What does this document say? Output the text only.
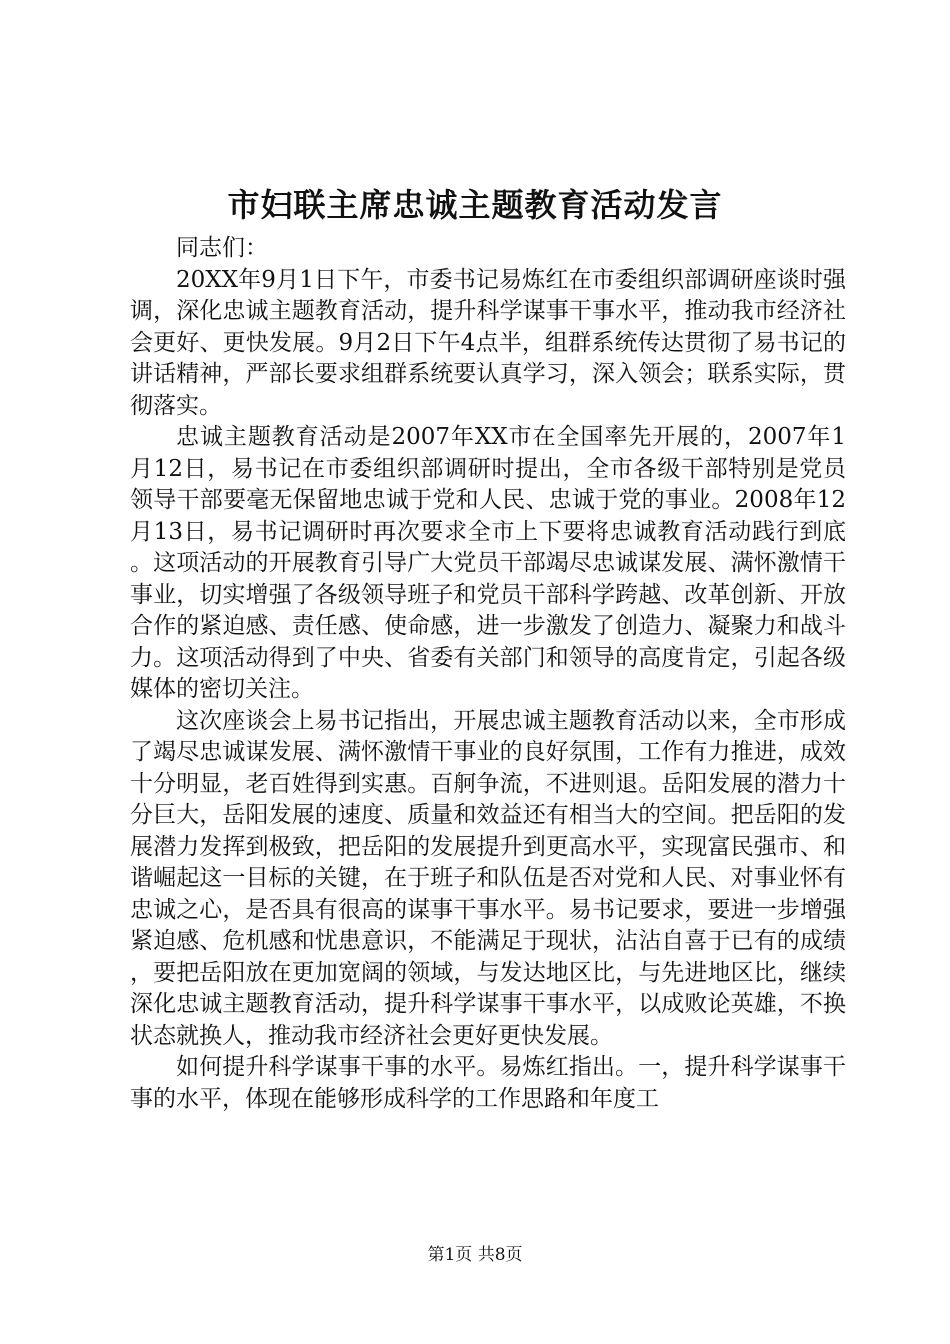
市妇联主席忠诚主题教育活动发言

同志们：

20XX年9月1日下午，市委书记易炼红在市委组织部调研座谈时强调，深化忠诚主题教育活动，提升科学谋事干事水平，推动我市经济社会更好、更快发展。9月2日下午4点半，组群系统传达贯彻了易书记的讲话精神，严部长要求组群系统要认真学习，深入领会；联系实际，贯彻落实。

忠诚主题教育活动是2007年XX市在全国率先开展的，2007年1月12日，易书记在市委组织部调研时提出，全市各级干部特别是党员领导干部要毫无保留地忠诚于党和人民、忠诚于党的事业。2008年12月13日，易书记调研时再次要求全市上下要将忠诚教育活动践行到底。这项活动的开展教育引导广大党员干部竭尽忠诚谋发展、满怀激情干事业，切实增强了各级领导班子和党员干部科学跨越、改革创新、开放合作的紧迫感、责任感、使命感，进一步激发了创造力、凝聚力和战斗力。这项活动得到了中央、省委有关部门和领导的高度肯定，引起各级媒体的密切关注。

这次座谈会上易书记指出，开展忠诚主题教育活动以来，全市形成了竭尽忠诚谋发展、满怀激情干事业的良好氛围，工作有力推进，成效十分明显，老百姓得到实惠。百舸争流，不进则退。岳阳发展的潜力十分巨大，岳阳发展的速度、质量和效益还有相当大的空间。把岳阳的发展潜力发挥到极致，把岳阳的发展提升到更高水平，实现富民强市、和谐崛起这一目标的关键，在于班子和队伍是否对党和人民、对事业怀有忠诚之心，是否具有很高的谋事干事水平。易书记要求，要进一步增强紧迫感、危机感和忧患意识，不能满足于现状，沾沾自喜于已有的成绩，要把岳阳放在更加宽阔的领域，与发达地区比，与先进地区比，继续深化忠诚主题教育活动，提升科学谋事干事水平，以成败论英雄，不换状态就换人，推动我市经济社会更好更快发展。

如何提升科学谋事干事的水平。易炼红指出。一，提升科学谋事干事的水平，体现在能够形成科学的工作思路和年度工

第1页 共8页
